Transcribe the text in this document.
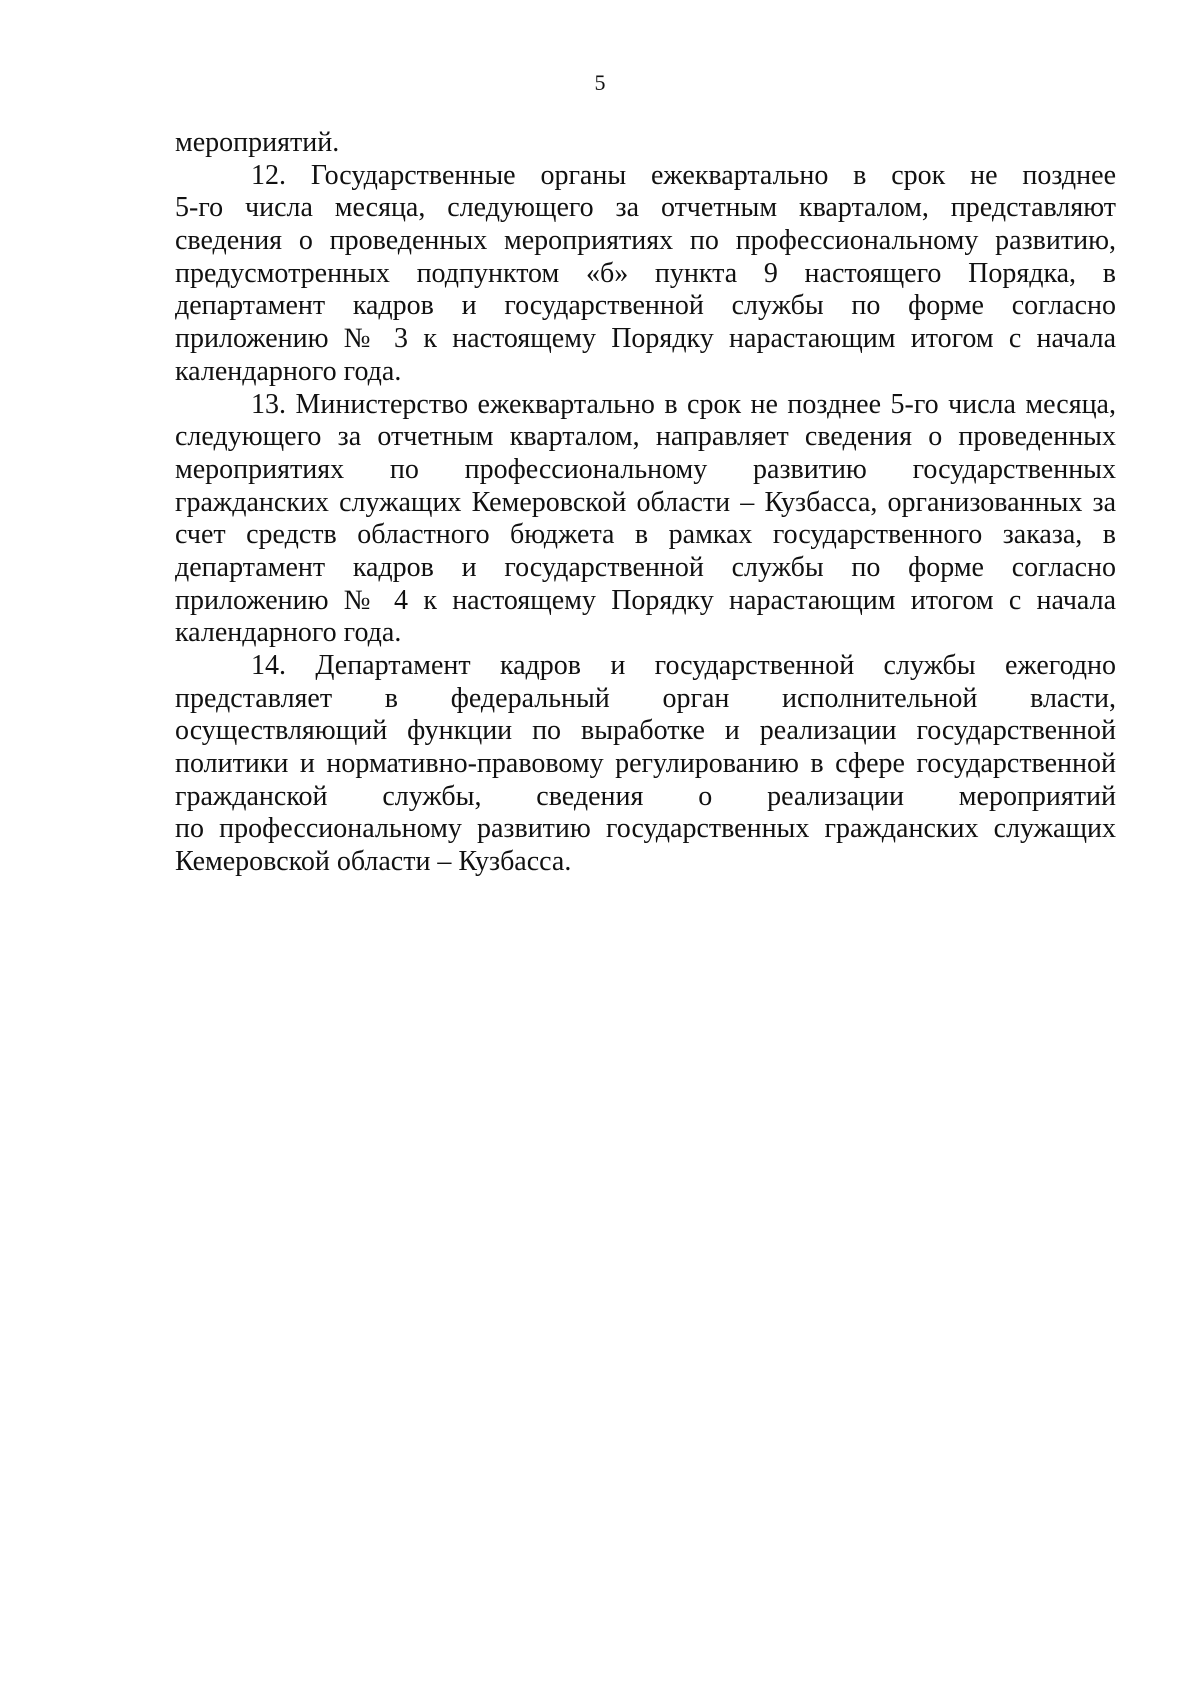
5
мероприятий.
12. Государственные органы ежеквартально в срок не позднее
5-го числа месяца, следующего за отчетным кварталом, представляют
сведения о проведенных мероприятиях по профессиональному развитию,
предусмотренных подпунктом «б» пункта 9 настоящего Порядка, в
департамент кадров и государственной службы по форме согласно
приложению № 3 к настоящему Порядку нарастающим итогом с начала
календарного года.
13. Министерство ежеквартально в срок не позднее 5-го числа месяца,
следующего за отчетным кварталом, направляет сведения о проведенных
мероприятиях по профессиональному развитию государственных
гражданских служащих Кемеровской области – Кузбасса, организованных за
счет средств областного бюджета в рамках государственного заказа, в
департамент кадров и государственной службы по форме согласно
приложению № 4 к настоящему Порядку нарастающим итогом с начала
календарного года.
14. Департамент кадров и государственной службы ежегодно
представляет в федеральный орган исполнительной власти,
осуществляющий функции по выработке и реализации государственной
политики и нормативно-правовому регулированию в сфере государственной
гражданской службы, сведения о реализации мероприятий
по профессиональному развитию государственных гражданских служащих
Кемеровской области – Кузбасса.
